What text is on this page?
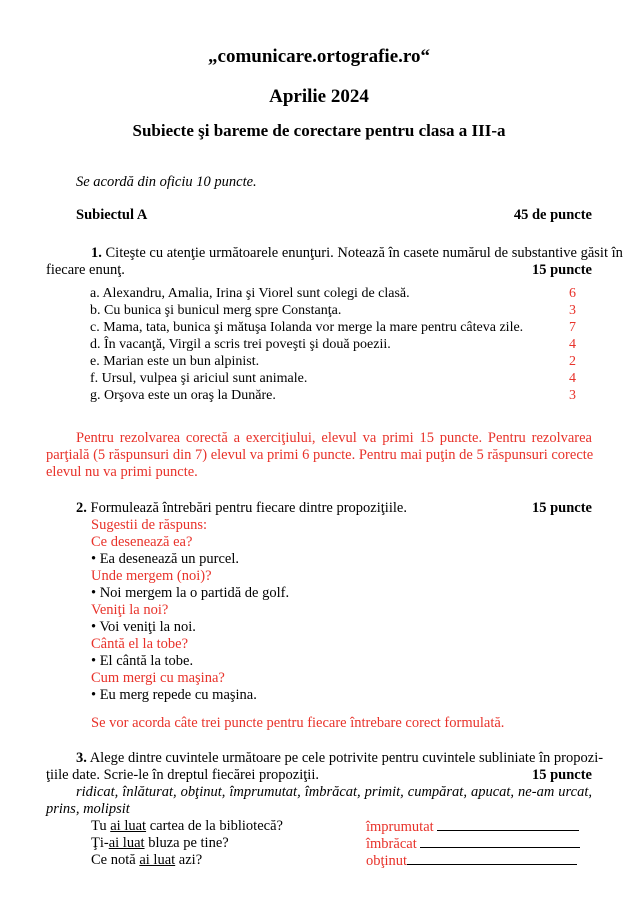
„comunicare.ortografie.ro“
Aprilie 2024
Subiecte şi bareme de corectare pentru clasa a III-a
Se acordă din oficiu 10 puncte.
Subiectul A	45 de puncte
1. Citeşte cu atenţie următoarele enunţuri. Notează în casete numărul de substantive găsit în
fiecare enunţ.	15 puncte
a. Alexandru, Amalia, Irina şi Viorel sunt colegi de clasă.	6
b. Cu bunica şi bunicul merg spre Constanţa.	3
c. Mama, tata, bunica şi mătuşa Iolanda vor merge la mare pentru câteva zile.	7
d. În vacanţă, Virgil a scris trei poveşti şi două poezii.	4
e. Marian este un bun alpinist.	2
f. Ursul, vulpea şi ariciul sunt animale.	4
g. Orşova este un oraş la Dunăre.	3
Pentru rezolvarea corectă a exerciţiului, elevul va primi 15 puncte. Pentru rezolvarea
parţială (5 răspunsuri din 7) elevul va primi 6 puncte. Pentru mai puţin de 5 răspunsuri corecte
elevul nu va primi puncte.
2. Formulează întrebări pentru fiecare dintre propoziţiile.	15 puncte
Sugestii de răspuns:
Ce desenează ea?
• Ea desenează un purcel.
Unde mergem (noi)?
• Noi mergem la o partidă de golf.
Veniţi la noi?
• Voi veniţi la noi.
Cântă el la tobe?
• El cântă la tobe.
Cum mergi cu maşina?
• Eu merg repede cu maşina.
Se vor acorda câte trei puncte pentru fiecare întrebare corect formulată.
3. Alege dintre cuvintele următoare pe cele potrivite pentru cuvintele subliniate în propozi-
ţiile date. Scrie-le în dreptul fiecărei propoziţii.	15 puncte
ridicat, înlăturat, obţinut, împrumutat, îmbrăcat, primit, cumpărat, apucat, ne-am urcat,
prins, molipsit
Tu ai luat cartea de la bibliotecă?	împrumutat
Ţi-ai luat bluza pe tine?	îmbrăcat
Ce notă ai luat azi?	obţinut
